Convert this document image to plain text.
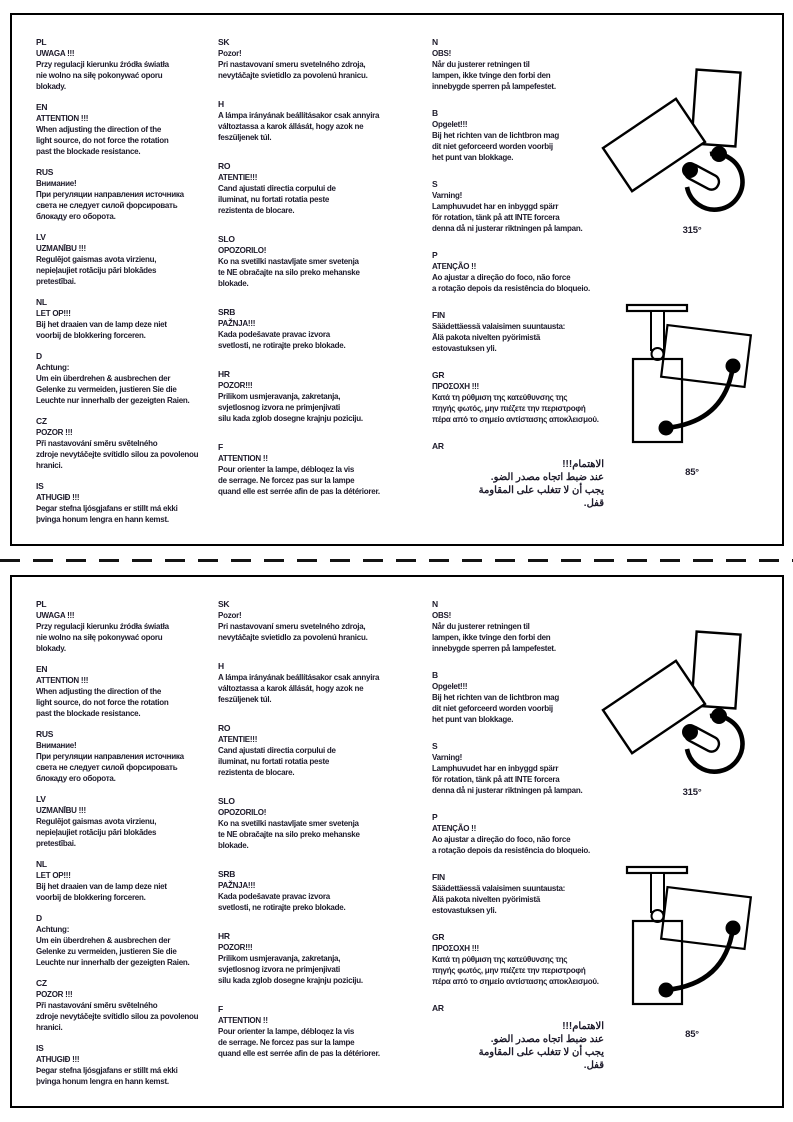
PL
UWAGA !!!
Przy regulacji kierunku źródła światła
nie wolno na siłę pokonywać oporu
blokady.
EN
ATTENTION !!!
When adjusting the direction of the
light source, do not force the rotation
past the blockade resistance.
RUS
Внимание!
При регуляции направления источника
света не следует силой форсировать
блокаду его оборота.
LV
UZMANĪBU !!!
Regulējot gaismas avota virzienu,
nepieļaujiet rotāciju pāri blokādes
pretestībai.
NL
LET OP!!!
Bij het draaien van de lamp deze niet
voorbij de blokkering forceren.
D
Achtung:
Um ein überdrehen & ausbrechen der
Gelenke zu vermeiden, justieren Sie die
Leuchte nur innerhalb der gezeigten Raien.
CZ
POZOR !!!
Při nastavování směru světelného
zdroje nevytáčejte svítidlo silou za povolenou
hranici.
IS
ATHUGIÐ !!!
Þegar stefna ljósgjafans er stillt má ekki
þvinga honum lengra en hann kemst.
SK
Pozor!
Pri nastavovaní smeru svetelného zdroja,
nevytáčajte svietidlo za povolenú hranicu.
H
A lámpa irányának beállításakor csak annyira
változtassa a karok állását, hogy azok ne
feszüljenek túl.
RO
ATENTIE!!!
Cand ajustati directia corpului de
iluminat, nu fortati rotatia peste
rezistenta de blocare.
SLO
OPOZORILO!
Ko na svetilki nastavljate smer svetenja
te NE obračajte na silo preko mehanske
blokade.
SRB
PAŽNJA!!!
Kada podešavate pravac izvora
svetlosti, ne rotirajte preko blokade.
HR
POZOR!!!
Prilikom usmjeravanja, zakretanja,
svjetlosnog izvora ne primjenjivati
silu kada zglob dosegne krajnju poziciju.
F
ATTENTION !!
Pour orienter la lampe, débloqez la vis
de serrage. Ne forcez pas sur la lampe
quand elle est serrée afin de pas la détériorer.
N
OBS!
Når du justerer retningen til
lampen, ikke tvinge den forbi den
innebygde sperren på lampefestet.
B
Opgelet!!!
Bij het richten van de lichtbron mag
dit niet geforceerd worden voorbij
het punt van blokkage.
S
Varning!
Lamphuvudet har en inbyggd spärr
för rotation, tänk på att INTE forcera
denna då ni justerar riktningen på lampan.
P
ATENÇÃO !!
Ao ajustar a direção do foco, não force
a rotação depois da resistência do bloqueio.
FIN
Säädettäessä valaisimen suuntausta:
Älä pakota nivelten pyörimistä
estovastuksen yli.
GR
ΠΡΟΣΟΧΗ !!!
Κατά τη ρύθμιση της κατεύθυνσης της
πηγής φωτός, μην πιέζετε την περιστροφή
πέρα από το σημείο αντίστασης αποκλεισμού.
AR
الاهتمام!!!
عند ضبط اتجاه مصدر الضو.
يجب أن لا تتغلب على المقاومة
قفل.
315°
85°
PL
UWAGA !!!
Przy regulacji kierunku źródła światła
nie wolno na siłę pokonywać oporu
blokady.
EN
ATTENTION !!!
When adjusting the direction of the
light source, do not force the rotation
past the blockade resistance.
RUS
Внимание!
При регуляции направления источника
света не следует силой форсировать
блокаду его оборота.
LV
UZMANĪBU !!!
Regulējot gaismas avota virzienu,
nepieļaujiet rotāciju pāri blokādes
pretestībai.
NL
LET OP!!!
Bij het draaien van de lamp deze niet
voorbij de blokkering forceren.
D
Achtung:
Um ein überdrehen & ausbrechen der
Gelenke zu vermeiden, justieren Sie die
Leuchte nur innerhalb der gezeigten Raien.
CZ
POZOR !!!
Při nastavování směru světelného
zdroje nevytáčejte svítidlo silou za povolenou
hranici.
IS
ATHUGIÐ !!!
Þegar stefna ljósgjafans er stillt má ekki
þvinga honum lengra en hann kemst.
SK
Pozor!
Pri nastavovaní smeru svetelného zdroja,
nevytáčajte svietidlo za povolenú hranicu.
H
A lámpa irányának beállításakor csak annyira
változtassa a karok állását, hogy azok ne
feszüljenek túl.
RO
ATENTIE!!!
Cand ajustati directia corpului de
iluminat, nu fortati rotatia peste
rezistenta de blocare.
SLO
OPOZORILO!
Ko na svetilki nastavljate smer svetenja
te NE obračajte na silo preko mehanske
blokade.
SRB
PAŽNJA!!!
Kada podešavate pravac izvora
svetlosti, ne rotirajte preko blokade.
HR
POZOR!!!
Prilikom usmjeravanja, zakretanja,
svjetlosnog izvora ne primjenjivati
silu kada zglob dosegne krajnju poziciju.
F
ATTENTION !!
Pour orienter la lampe, débloqez la vis
de serrage. Ne forcez pas sur la lampe
quand elle est serrée afin de pas la détériorer.
N
OBS!
Når du justerer retningen til
lampen, ikke tvinge den forbi den
innebygde sperren på lampefestet.
B
Opgelet!!!
Bij het richten van de lichtbron mag
dit niet geforceerd worden voorbij
het punt van blokkage.
S
Varning!
Lamphuvudet har en inbyggd spärr
för rotation, tänk på att INTE forcera
denna då ni justerar riktningen på lampan.
P
ATENÇÃO !!
Ao ajustar a direção do foco, não force
a rotação depois da resistência do bloqueio.
FIN
Säädettäessä valaisimen suuntausta:
Älä pakota nivelten pyörimistä
estovastuksen yli.
GR
ΠΡΟΣΟΧΗ !!!
Κατά τη ρύθμιση της κατεύθυνσης της
πηγής φωτός, μην πιέζετε την περιστροφή
πέρα από το σημείο αντίστασης αποκλεισμού.
AR
الاهتمام!!!
عند ضبط اتجاه مصدر الضو.
يجب أن لا تتغلب على المقاومة
قفل.
315°
85°
